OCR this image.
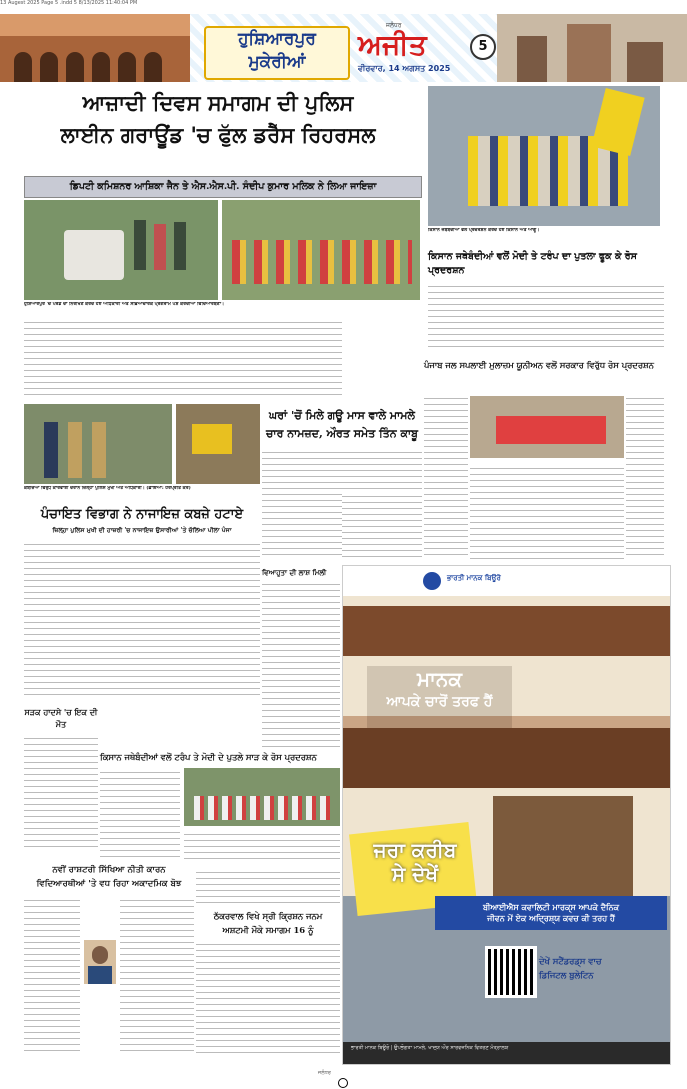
13 Augest 2025 Page 5 .indd 5 8/13/2025 11:40:04 PM
ਹੁਸ਼ਿਆਰਪੁਰ
ਮੁਕੇਰੀਆਂ
ਜਲੰਧਰ
ਅਜੀਤ
ਵੀਰਵਾਰ, 14 ਅਗਸਤ 2025
5
ਆਜ਼ਾਦੀ ਦਿਵਸ ਸਮਾਗਮ ਦੀ ਪੁਲਿਸ
ਲਾਈਨ ਗਰਾਊਂਡ 'ਚ ਫੁੱਲ ਡਰੈੱਸ ਰਿਹਰਸਲ
ਡਿਪਟੀ ਕਮਿਸ਼ਨਰ ਆਸ਼ਿਕਾ ਜੈਨ ਤੇ ਐਸ.ਐਸ.ਪੀ. ਸੰਦੀਪ ਕੁਮਾਰ ਮਲਿਕ ਨੇ ਲਿਆ ਜਾਇਜ਼ਾ
ਹੁਸ਼ਿਆਰਪੁਰ 'ਚ ਪਰੇਡ ਦਾ ਨਿਰੀਖਣ ਕਰਦੇ ਹੋਏ ਅਧਿਕਾਰੀ ਅਤੇ ਸਭਿਆਚਾਰਕ ਪ੍ਰੋਗਰਾਮ ਪੇਸ਼ ਕਰਦੀਆਂ ਵਿਦਿਆਰਥਣਾਂ।
ਕਿਸਾਨ ਜਥੇਬੰਦੀਆਂ ਵਲੋਂ ਪ੍ਰਦਰਸ਼ਨ ਕਰਦੇ ਹੋਏ ਕਿਸਾਨ ਅਤੇ ਆਗੂ।
ਕਿਸਾਨ ਜਥੇਬੰਦੀਆਂ ਵਲੋਂ ਮੋਦੀ ਤੇ ਟਰੰਪ ਦਾ ਪੁਤਲਾ ਫੂਕ ਕੇ ਰੋਸ ਪ੍ਰਦਰਸ਼ਨ
ਪੰਜਾਬ ਜਲ ਸਪਲਾਈ ਮੁਲਾਜ਼ਮ ਯੂਨੀਅਨ ਵਲੋਂ ਸਰਕਾਰ ਵਿਰੁੱਧ ਰੋਸ ਪ੍ਰਦਰਸ਼ਨ
ਕਬਜ਼ਿਆਂ ਵਿਰੁੱਧ ਕਾਰਵਾਈ ਦੌਰਾਨ ਜ਼ਿਲ੍ਹਾ ਪੁਲਿਸ ਮੁਖੀ ਅਤੇ ਅਧਿਕਾਰੀ। (ਛਾਇਆ: ਹਰਪ੍ਰੀਤ ਕੌਰ)
ਘਰਾਂ 'ਚੋਂ ਮਿਲੇ ਗਊ ਮਾਸ ਵਾਲੇ ਮਾਮਲੇ
ਚਾਰ ਨਾਮਜ਼ਦ, ਔਰਤ ਸਮੇਤ ਤਿੰਨ ਕਾਬੂ
ਪੰਚਾਇਤ ਵਿਭਾਗ ਨੇ ਨਾਜਾਇਜ਼ ਕਬਜ਼ੇ ਹਟਾਏ
ਜ਼ਿਲ੍ਹਾ ਪੁਲਿਸ ਮੁਖੀ ਦੀ ਹਾਜ਼ਰੀ 'ਚ ਨਾਜਾਇਜ਼ ਉਸਾਰੀਆਂ 'ਤੇ ਚੱਲਿਆ ਪੀਲਾ ਪੰਜਾ
ਵਿਆਹੁਤਾ ਦੀ ਲਾਸ਼ ਮਿਲੀ
ਸੜਕ ਹਾਦਸੇ 'ਚ ਇਕ ਦੀ ਮੌਤ
ਕਿਸਾਨ ਜਥੇਬੰਦੀਆਂ ਵਲੋਂ ਟਰੰਪ ਤੇ ਮੋਦੀ ਦੇ ਪੁਤਲੇ ਸਾੜ ਕੇ ਰੋਸ ਪ੍ਰਦਰਸ਼ਨ
ਨਵੀਂ ਰਾਸ਼ਟਰੀ ਸਿੱਖਿਆ ਨੀਤੀ ਕਾਰਨ
ਵਿਦਿਆਰਥੀਆਂ 'ਤੇ ਵਧ ਰਿਹਾ ਅਕਾਦਮਿਕ ਬੋਝ
ਠੱਕਰਵਾਲ ਵਿਖੇ ਸ੍ਰੀ ਕ੍ਰਿਸ਼ਨ ਜਨਮ
ਅਸ਼ਟਮੀ ਮੌਕੇ ਸਮਾਗਮ 16 ਨੂੰ
ਭਾਰਤੀ ਮਾਨਕ ਬਿਊਰੋ
ਮਾਨਕ
ਆਪਕੇ ਚਾਰੋਂ ਤਰਫ ਹੈਂ
ਜਰਾ ਕਰੀਬ
ਸੇ ਦੇਖੇਂ
ਬੀਆਈਐਸ ਕਵਾਲਿਟੀ ਮਾਰਕ੍ਸ ਆਪਕੇ ਦੈਨਿਕ
ਜੀਵਨ ਮੇਂ ਏਕ ਅਦ੍ਰਿਸ਼੍ਯ ਕਵਚ ਕੀ ਤਰਹ ਹੈਂ
ਦੇਖੇਂ ਸਟੈਂਡਰਡ੍ਸ ਵਾਚ
ਡਿਜਿਟਲ ਬੁਲੇਟਿਨ
ਭਾਰਤੀ ਮਾਨਕ ਬਿਊਰੋ | ਉਪਭੋਗਤਾ ਮਾਮਲੇ, ਖਾਦ੍ਯ ਔਰ ਸਾਰਵਜਨਿਕ ਵਿਤਰਣ ਮੰਤ੍ਰਾਲਯ
ਜਲੰਧਰ
